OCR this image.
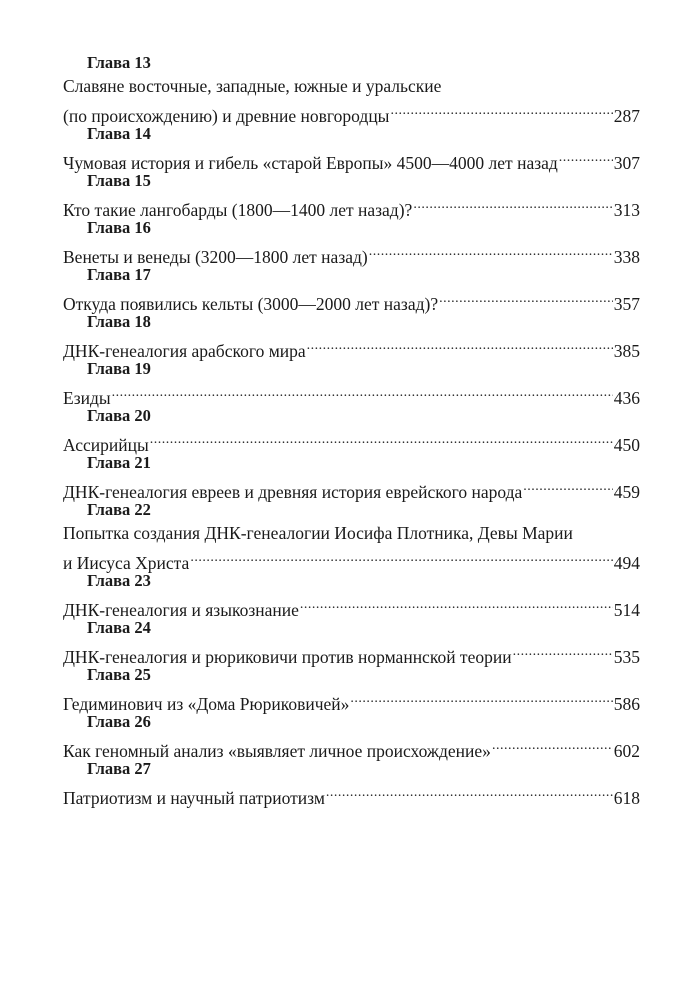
Глава 13
Славяне восточные, западные, южные и уральские
(по происхождению) и древние новгородцы .....	287
Глава 14
Чумовая история и гибель «старой Европы» 4500—4000 лет назад .....	307
Глава 15
Кто такие лангобарды (1800—1400 лет назад)? .....	313
Глава 16
Венеты и венеды (3200—1800 лет назад) .....	338
Глава 17
Откуда появились кельты (3000—2000 лет назад)? .....	357
Глава 18
ДНК-генеалогия арабского мира .....	385
Глава 19
Езиды .....	436
Глава 20
Ассирийцы .....	450
Глава 21
ДНК-генеалогия евреев и древняя история еврейского народа .....	459
Глава 22
Попытка создания ДНК-генеалогии Иосифа Плотника, Девы Марии
и Иисуса Христа .....	494
Глава 23
ДНК-генеалогия и языкознание .....	514
Глава 24
ДНК-генеалогия и рюриковичи против норманнской теории .....	535
Глава 25
Гедиминович из «Дома Рюриковичей» .....	586
Глава 26
Как геномный анализ «выявляет личное происхождение» .....	602
Глава 27
Патриотизм и научный патриотизм .....	618
